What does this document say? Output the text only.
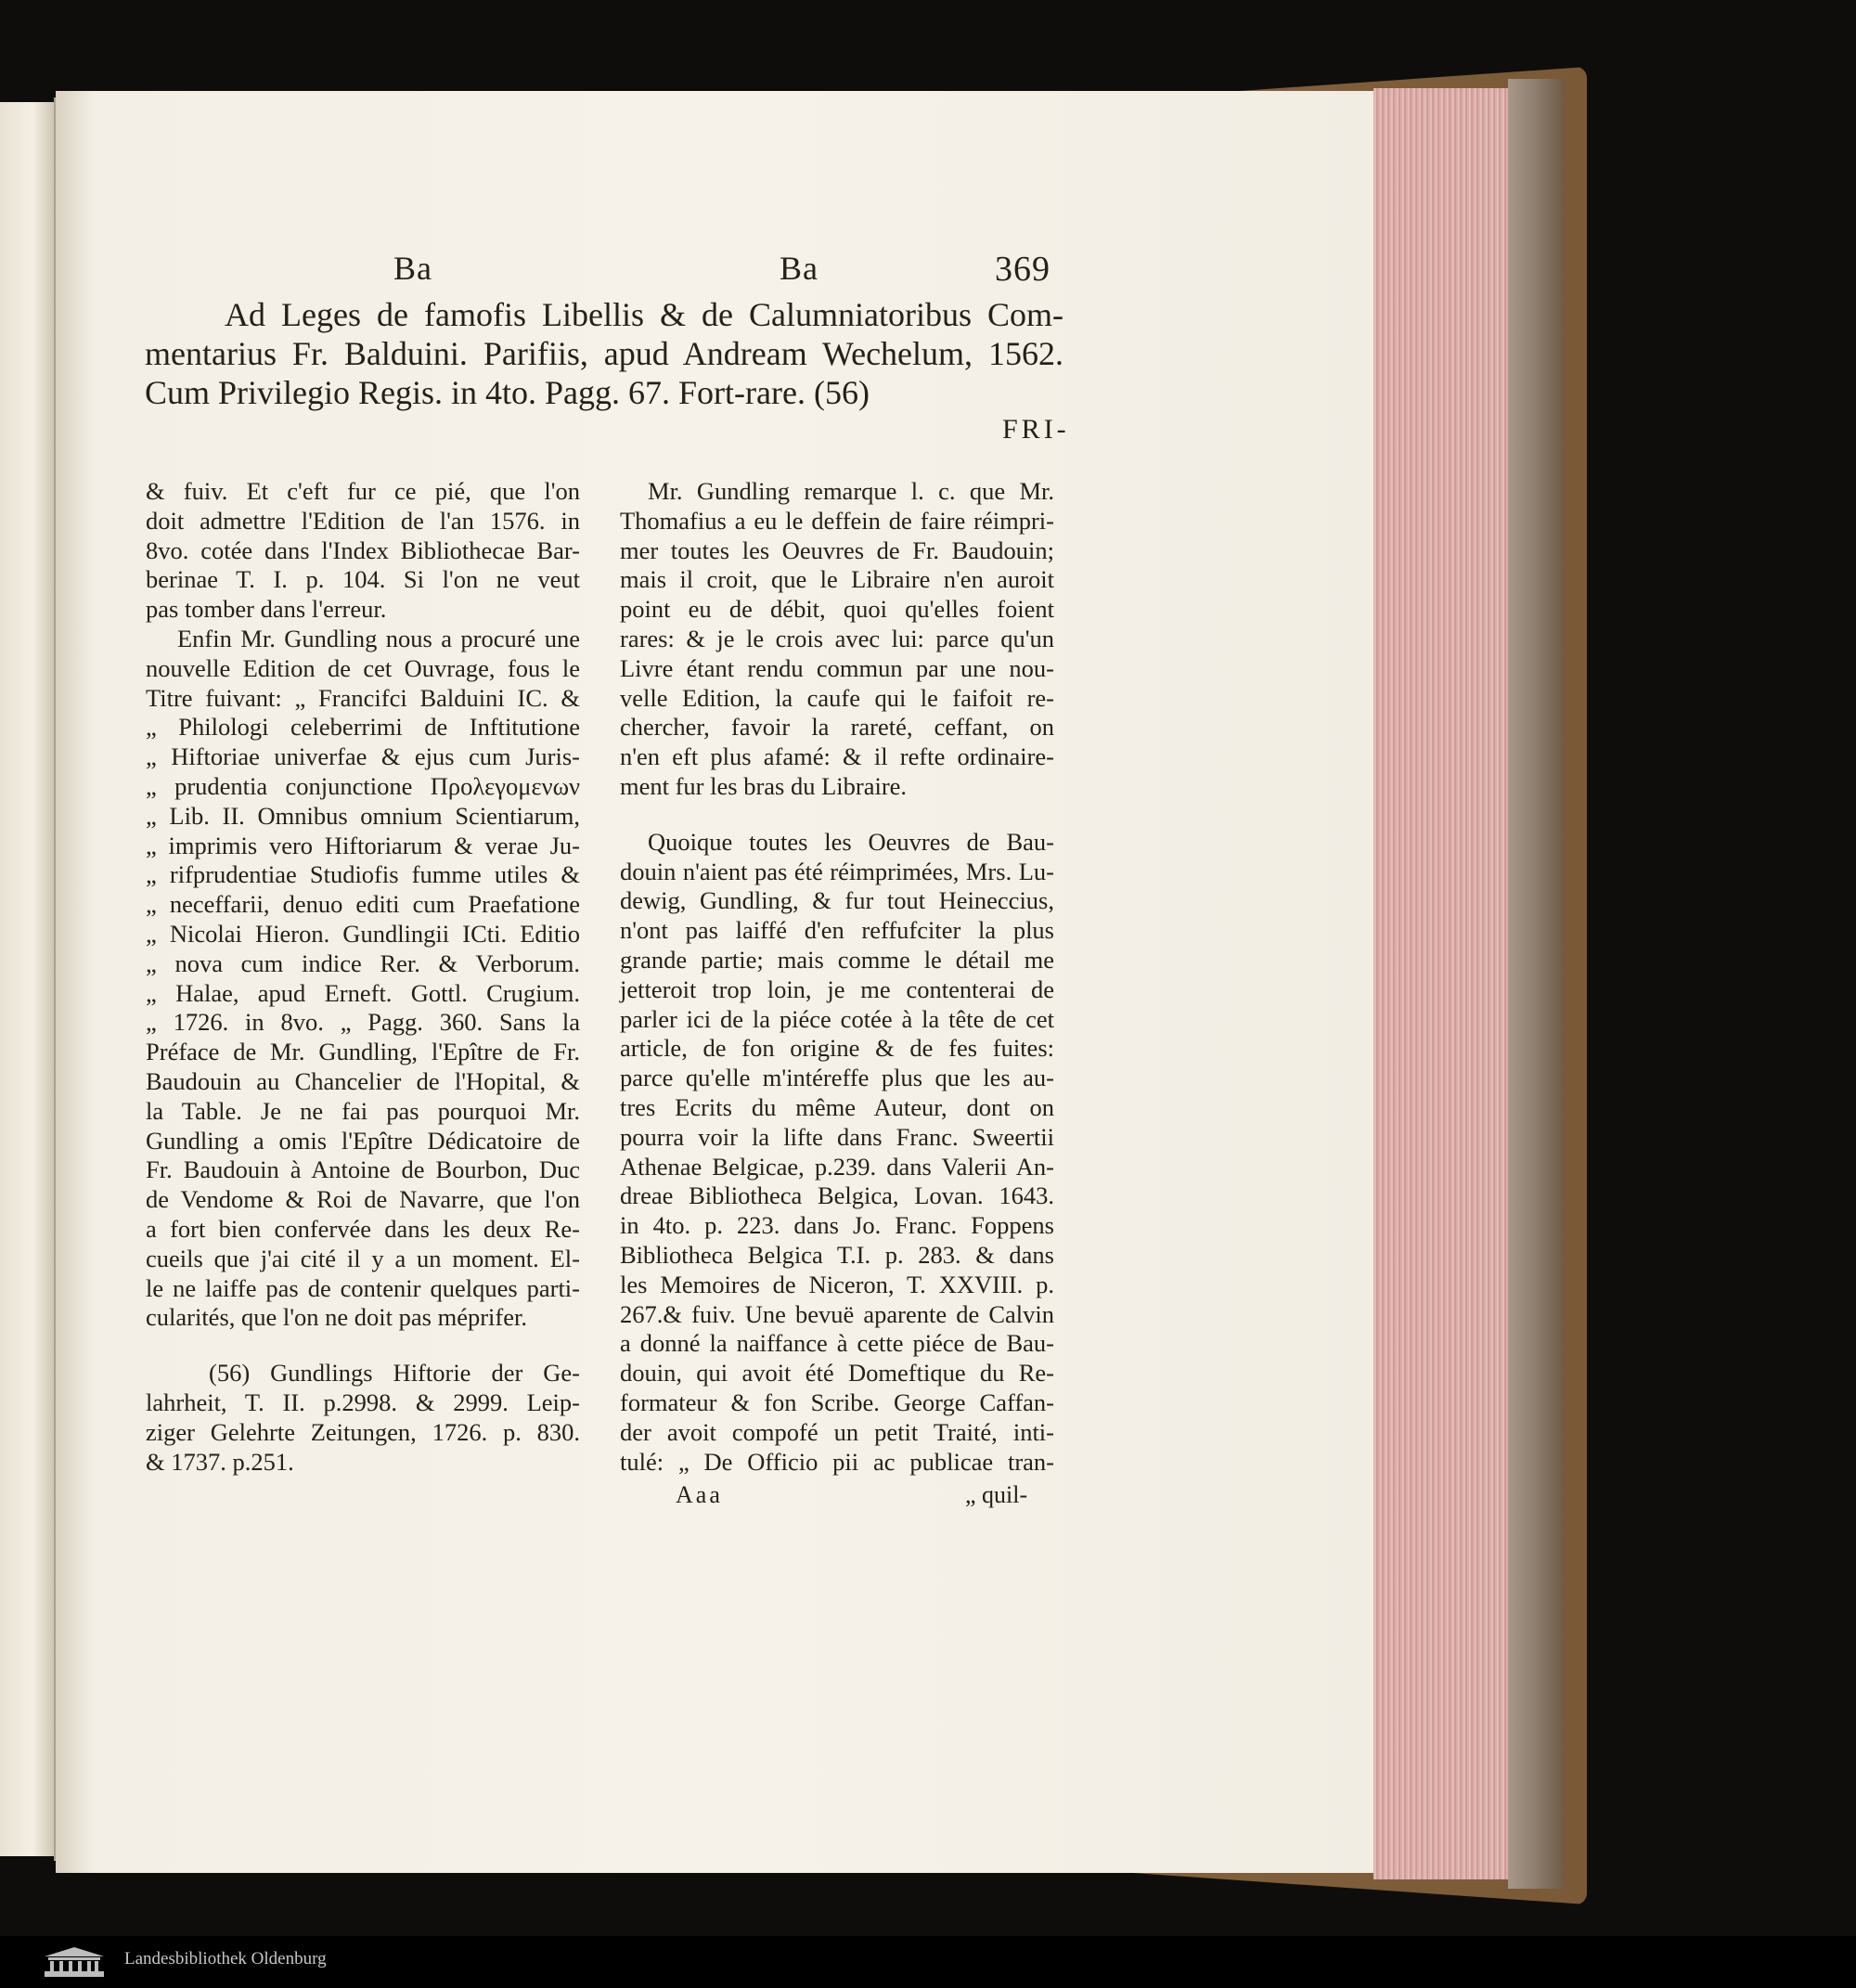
Ba	Ba	369
Ad Leges de famofis Libellis & de Calumniatoribus Com-
mentarius Fr. Balduini. Parifiis, apud Andream Wechelum, 1562.
Cum Privilegio Regis. in 4to. Pagg. 67. Fort-rare. (56)
FRI-
& fuiv. Et c'eft fur ce pié, que l'on
doit admettre l'Edition de l'an 1576. in
8vo. cotée dans l'Index Bibliothecae Bar-
berinae T. I. p. 104. Si l'on ne veut
pas tomber dans l'erreur.
Enfin Mr. Gundling nous a procuré une
nouvelle Edition de cet Ouvrage, fous le
Titre fuivant: „ Francifci Balduini IC. &
„ Philologi celeberrimi de Inftitutione
„ Hiftoriae univerfae & ejus cum Juris-
„ prudentia conjunctione Προλεγομενων
„ Lib. II. Omnibus omnium Scientiarum,
„ imprimis vero Hiftoriarum & verae Ju-
„ rifprudentiae Studiofis fumme utiles &
„ neceffarii, denuo editi cum Praefatione
„ Nicolai Hieron. Gundlingii ICti. Editio
„ nova cum indice Rer. & Verborum.
„ Halae, apud Erneft. Gottl. Crugium.
„ 1726. in 8vo. „ Pagg. 360. Sans la
Préface de Mr. Gundling, l'Epître de Fr.
Baudouin au Chancelier de l'Hopital, &
la Table. Je ne fai pas pourquoi Mr.
Gundling a omis l'Epître Dédicatoire de
Fr. Baudouin à Antoine de Bourbon, Duc
de Vendome & Roi de Navarre, que l'on
a fort bien confervée dans les deux Re-
cueils que j'ai cité il y a un moment. El-
le ne laiffe pas de contenir quelques parti-
cularités, que l'on ne doit pas méprifer.
(56) Gundlings Hiftorie der Ge-
lahrheit, T. II. p.2998. & 2999. Leip-
ziger Gelehrte Zeitungen, 1726. p. 830.
& 1737. p.251.
Mr. Gundling remarque l. c. que Mr.
Thomafius a eu le deffein de faire réimpri-
mer toutes les Oeuvres de Fr. Baudouin;
mais il croit, que le Libraire n'en auroit
point eu de débit, quoi qu'elles foient
rares: & je le crois avec lui: parce qu'un
Livre étant rendu commun par une nou-
velle Edition, la caufe qui le faifoit re-
chercher, favoir la rareté, ceffant, on
n'en eft plus afamé: & il refte ordinaire-
ment fur les bras du Libraire.
Quoique toutes les Oeuvres de Bau-
douin n'aient pas été réimprimées, Mrs. Lu-
dewig, Gundling, & fur tout Heineccius,
n'ont pas laiffé d'en reffufciter la plus
grande partie; mais comme le détail me
jetteroit trop loin, je me contenterai de
parler ici de la piéce cotée à la tête de cet
article, de fon origine & de fes fuites:
parce qu'elle m'intéreffe plus que les au-
tres Ecrits du même Auteur, dont on
pourra voir la lifte dans Franc. Sweertii
Athenae Belgicae, p.239. dans Valerii An-
dreae Bibliotheca Belgica, Lovan. 1643.
in 4to. p. 223. dans Jo. Franc. Foppens
Bibliotheca Belgica T.I. p. 283. & dans
les Memoires de Niceron, T. XXVIII. p.
267.& fuiv. Une bevuë aparente de Calvin
a donné la naiffance à cette piéce de Bau-
douin, qui avoit été Domeftique du Re-
formateur & fon Scribe. George Caffan-
der avoit compofé un petit Traité, inti-
tulé: „ De Officio pii ac publicae tran-
Aaa	„ quil-
Landesbibliothek Oldenburg
